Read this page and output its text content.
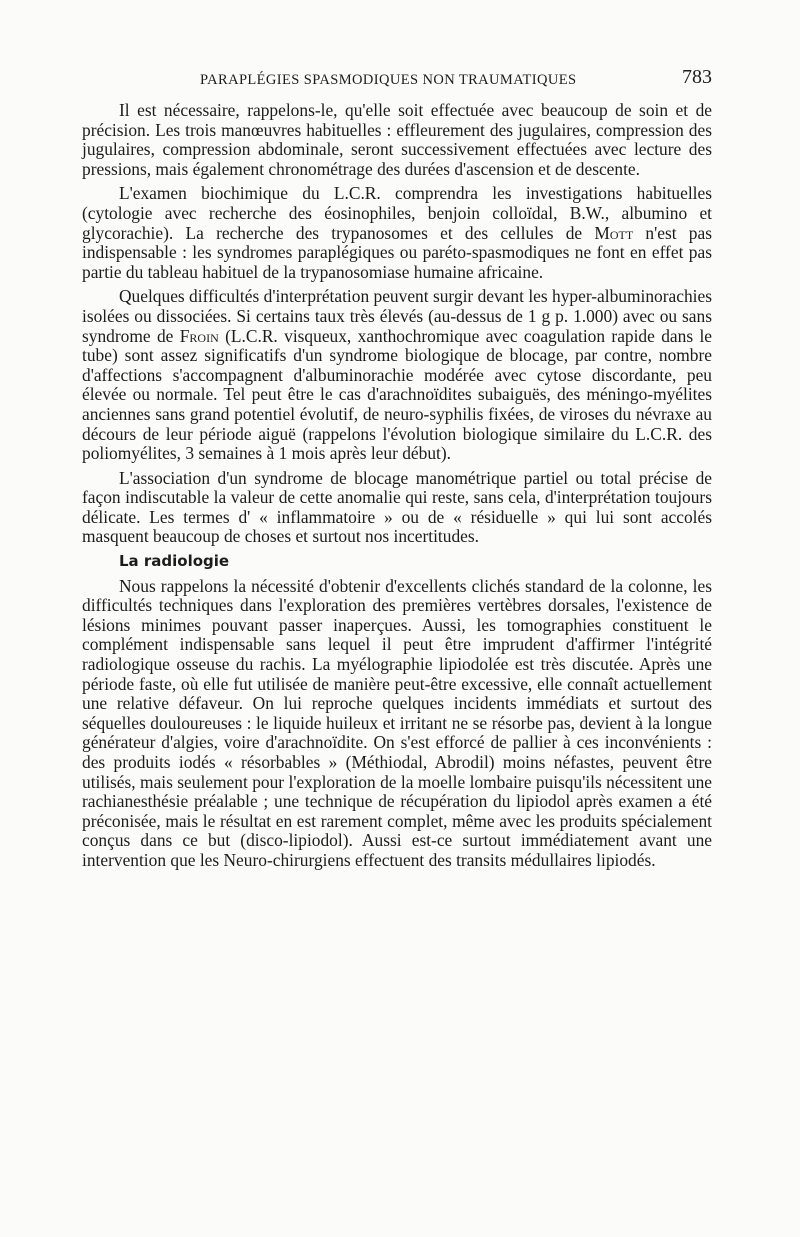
PARAPLÉGIES SPASMODIQUES NON TRAUMATIQUES	783

Il est nécessaire, rappelons-le, qu'elle soit effectuée avec beaucoup de soin et de précision. Les trois manœuvres habituelles : effleurement des jugulaires, compression des jugulaires, compression abdominale, seront successivement effectuées avec lecture des pressions, mais également chronométrage des durées d'ascension et de descente.

L'examen biochimique du L.C.R. comprendra les investigations habituelles (cytologie avec recherche des éosinophiles, benjoin colloïdal, B.W., albumino et glycorachie). La recherche des trypanosomes et des cellules de Mott n'est pas indispensable : les syndromes paraplégiques ou paréto-spasmodiques ne font en effet pas partie du tableau habituel de la trypanosomiase humaine africaine.

Quelques difficultés d'interprétation peuvent surgir devant les hyper-albuminorachies isolées ou dissociées. Si certains taux très élevés (au-dessus de 1 g p. 1.000) avec ou sans syndrome de Froin (L.C.R. visqueux, xanthochromique avec coagulation rapide dans le tube) sont assez significatifs d'un syndrome biologique de blocage, par contre, nombre d'affections s'accompagnent d'albuminorachie modérée avec cytose discordante, peu élevée ou normale. Tel peut être le cas d'arachnoïdites subaiguës, des méningo-myélites anciennes sans grand potentiel évolutif, de neuro-syphilis fixées, de viroses du névraxe au décours de leur période aiguë (rappelons l'évolution biologique similaire du L.C.R. des poliomyélites, 3 semaines à 1 mois après leur début).

L'association d'un syndrome de blocage manométrique partiel ou total précise de façon indiscutable la valeur de cette anomalie qui reste, sans cela, d'interprétation toujours délicate. Les termes d' « inflammatoire » ou de « résiduelle » qui lui sont accolés masquent beaucoup de choses et surtout nos incertitudes.

La radiologie

Nous rappelons la nécessité d'obtenir d'excellents clichés standard de la colonne, les difficultés techniques dans l'exploration des premières vertèbres dorsales, l'existence de lésions minimes pouvant passer inaperçues. Aussi, les tomographies constituent le complément indispensable sans lequel il peut être imprudent d'affirmer l'intégrité radiologique osseuse du rachis. La myélographie lipiodolée est très discutée. Après une période faste, où elle fut utilisée de manière peut-être excessive, elle connaît actuellement une relative défaveur. On lui reproche quelques incidents immédiats et surtout des séquelles douloureuses : le liquide huileux et irritant ne se résorbe pas, devient à la longue générateur d'algies, voire d'arachnoïdite. On s'est efforcé de pallier à ces inconvénients : des produits iodés « résorbables » (Méthiodal, Abrodil) moins néfastes, peuvent être utilisés, mais seulement pour l'exploration de la moelle lombaire puisqu'ils nécessitent une rachianesthésie préalable ; une technique de récupération du lipiodol après examen a été préconisée, mais le résultat en est rarement complet, même avec les produits spécialement conçus dans ce but (disco-lipiodol). Aussi est-ce surtout immédiatement avant une intervention que les Neuro-chirurgiens effectuent des transits médullaires lipiodés.
